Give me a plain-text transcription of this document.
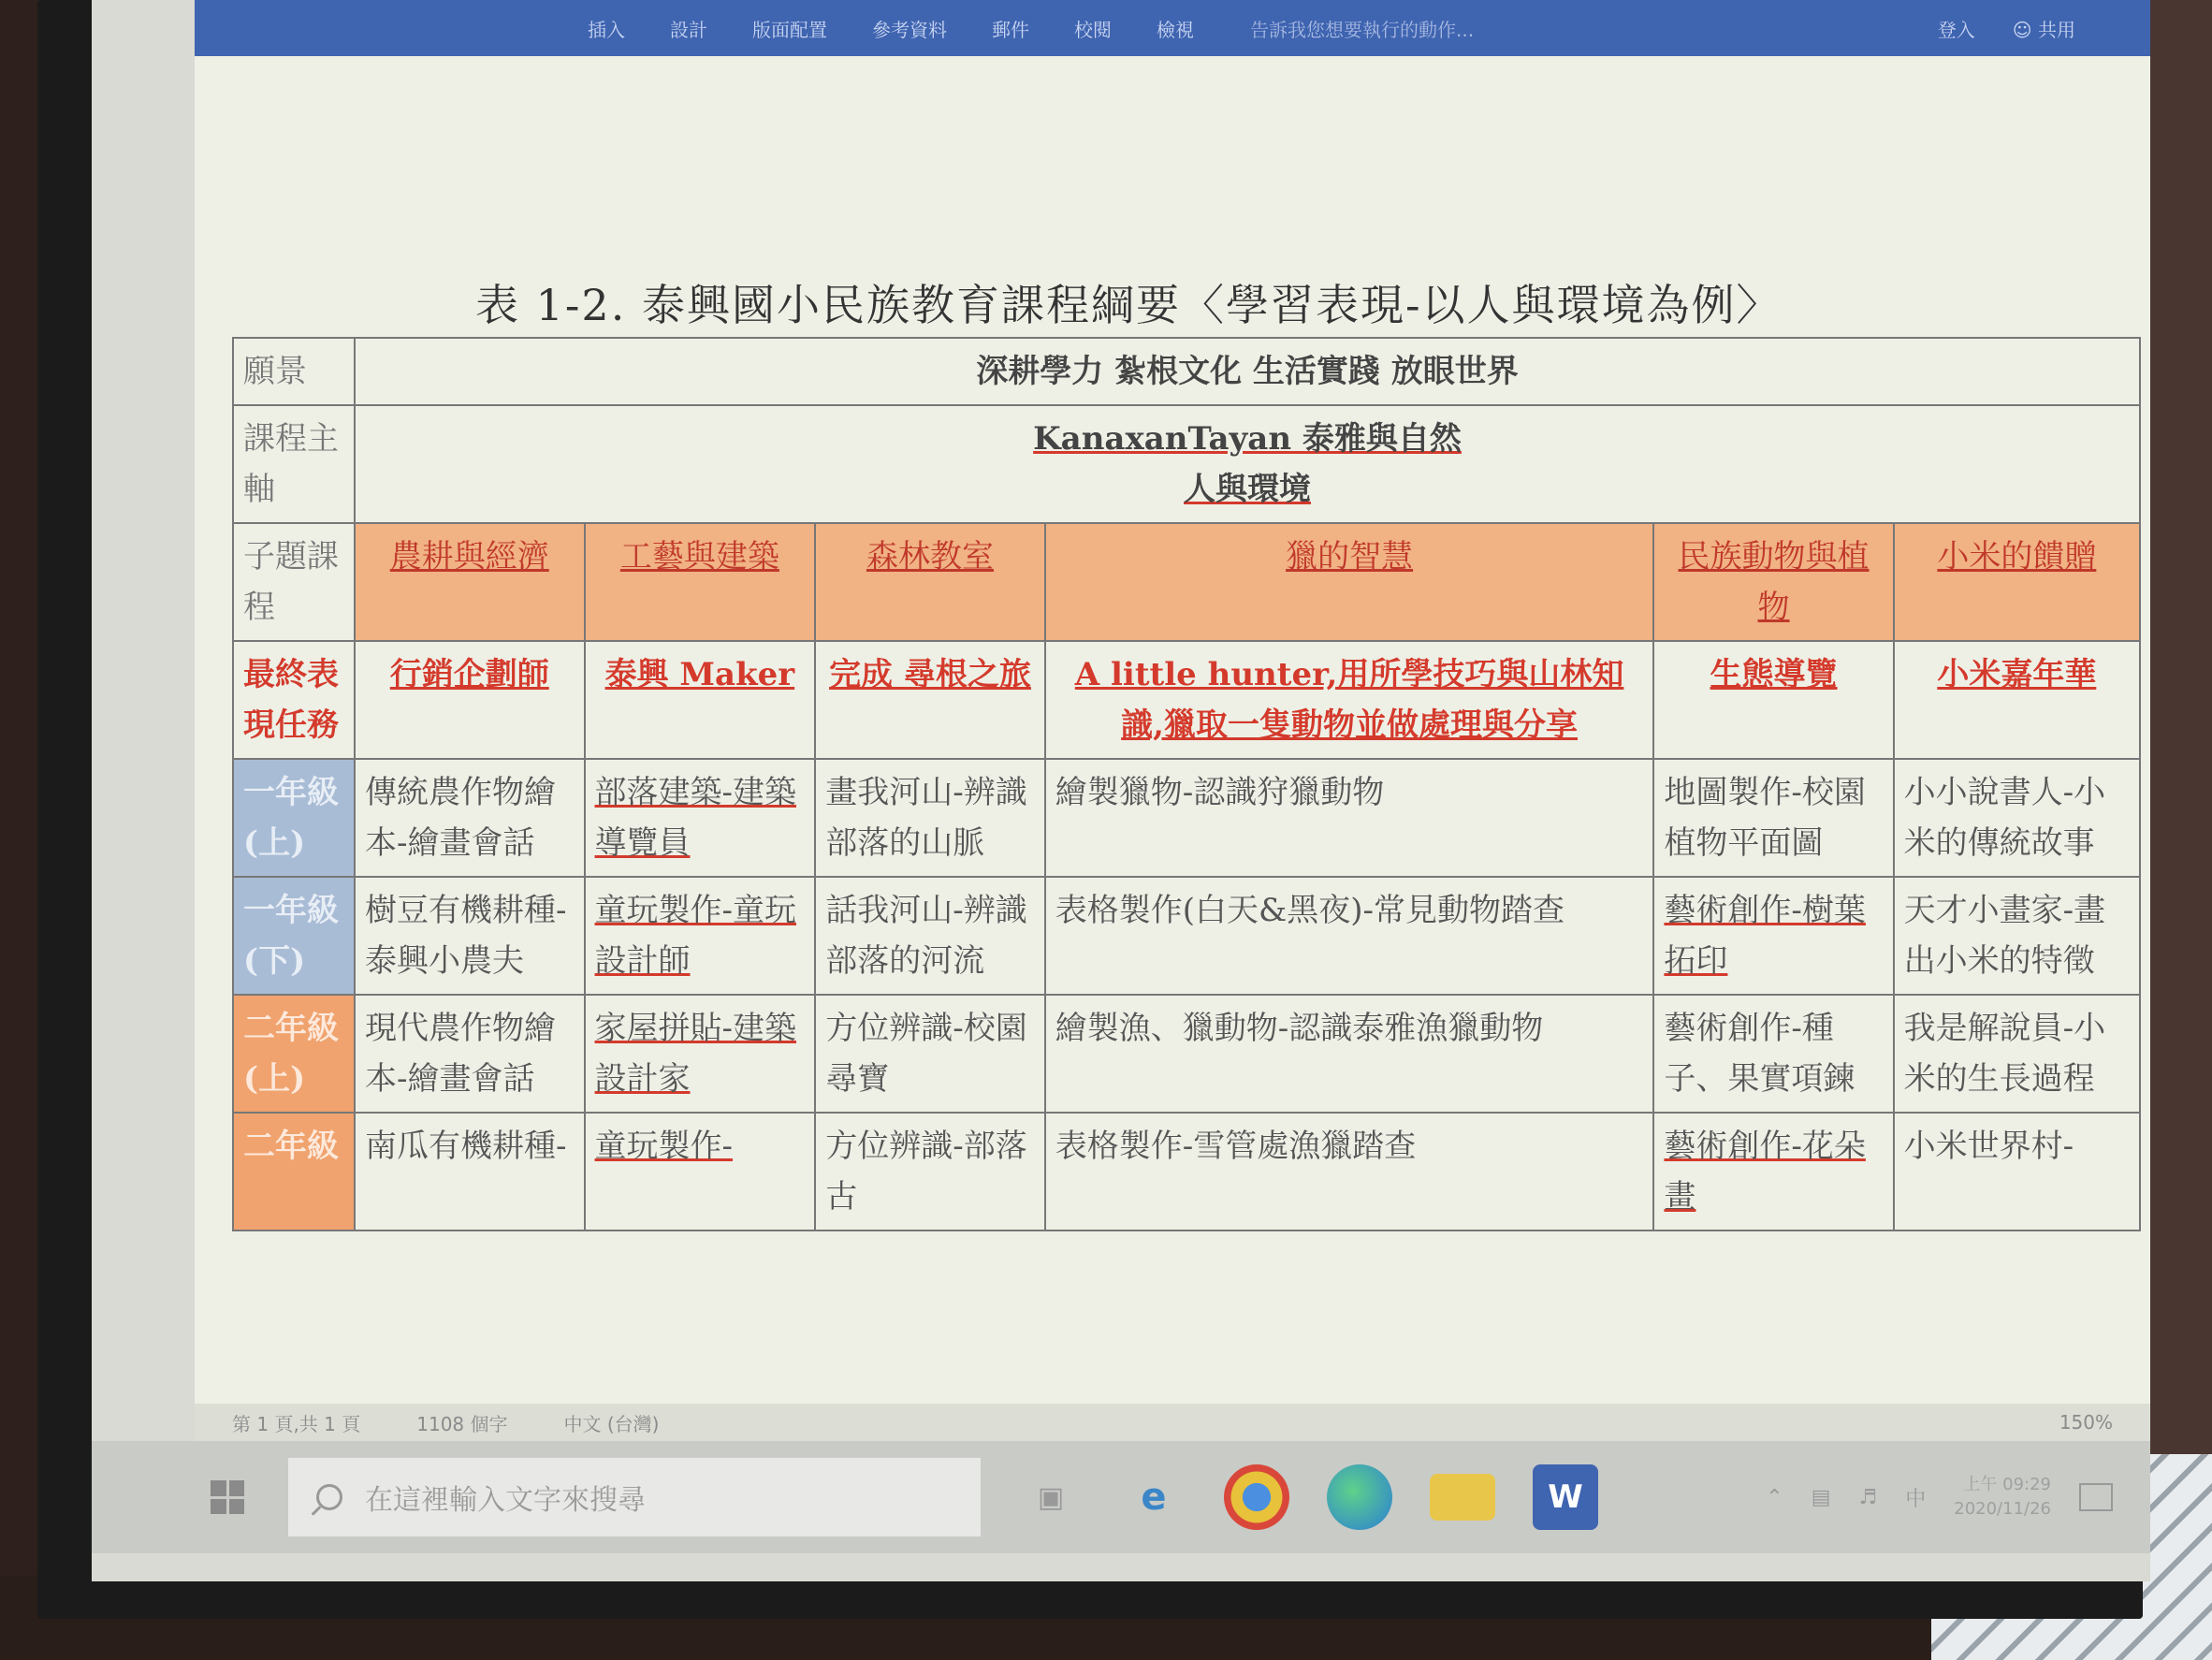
插入 設計 版面配置 參考資料 郵件 校閱 檢視	告訴我您想要執行的動作...	登入 ☺ 共用
表 1-2. 泰興國小民族教育課程綱要〈學習表現-以人與環境為例〉
願景	深耕學力 紮根文化 生活實踐 放眼世界					
課程主軸	KanaxanTayan 泰雅與自然
人與環境					

子題課程	農耕與經濟	工藝與建築	森林教室	獵的智慧	民族動物與植物	小米的饋贈
最終表現任務	行銷企劃師	泰興 Maker	完成 尋根之旅	A little hunter,用所學技巧與山林知識,獵取一隻動物並做處理與分享	生態導覽	小米嘉年華
一年級(上)	傳統農作物繪本-繪畫會話	部落建築-建築導覽員	畫我河山-辨識部落的山脈	繪製獵物-認識狩獵動物	地圖製作-校園植物平面圖	小小說書人-小米的傳統故事
一年級(下)	樹豆有機耕種-泰興小農夫	童玩製作-童玩設計師	話我河山-辨識部落的河流	表格製作(白天&黑夜)-常見動物踏查	藝術創作-樹葉拓印	天才小畫家-畫出小米的特徵
二年級(上)	現代農作物繪本-繪畫會話	家屋拼貼-建築設計家	方位辨識-校園尋寶	繪製漁、獵動物-認識泰雅漁獵動物	藝術創作-種子、果實項鍊	我是解說員-小米的生長過程
二年級	南瓜有機耕種-	童玩製作-	方位辨識-部落古	表格製作-雪管處漁獵踏查	藝術創作-花朵畫	小米世界村-
第 1 頁,共 1 頁	1108 個字	中文 (台灣)	150%
在這裡輸入文字來搜尋	▣	e	W	⌃ ▤ ♬ 中
上午 09:29
2020/11/26
